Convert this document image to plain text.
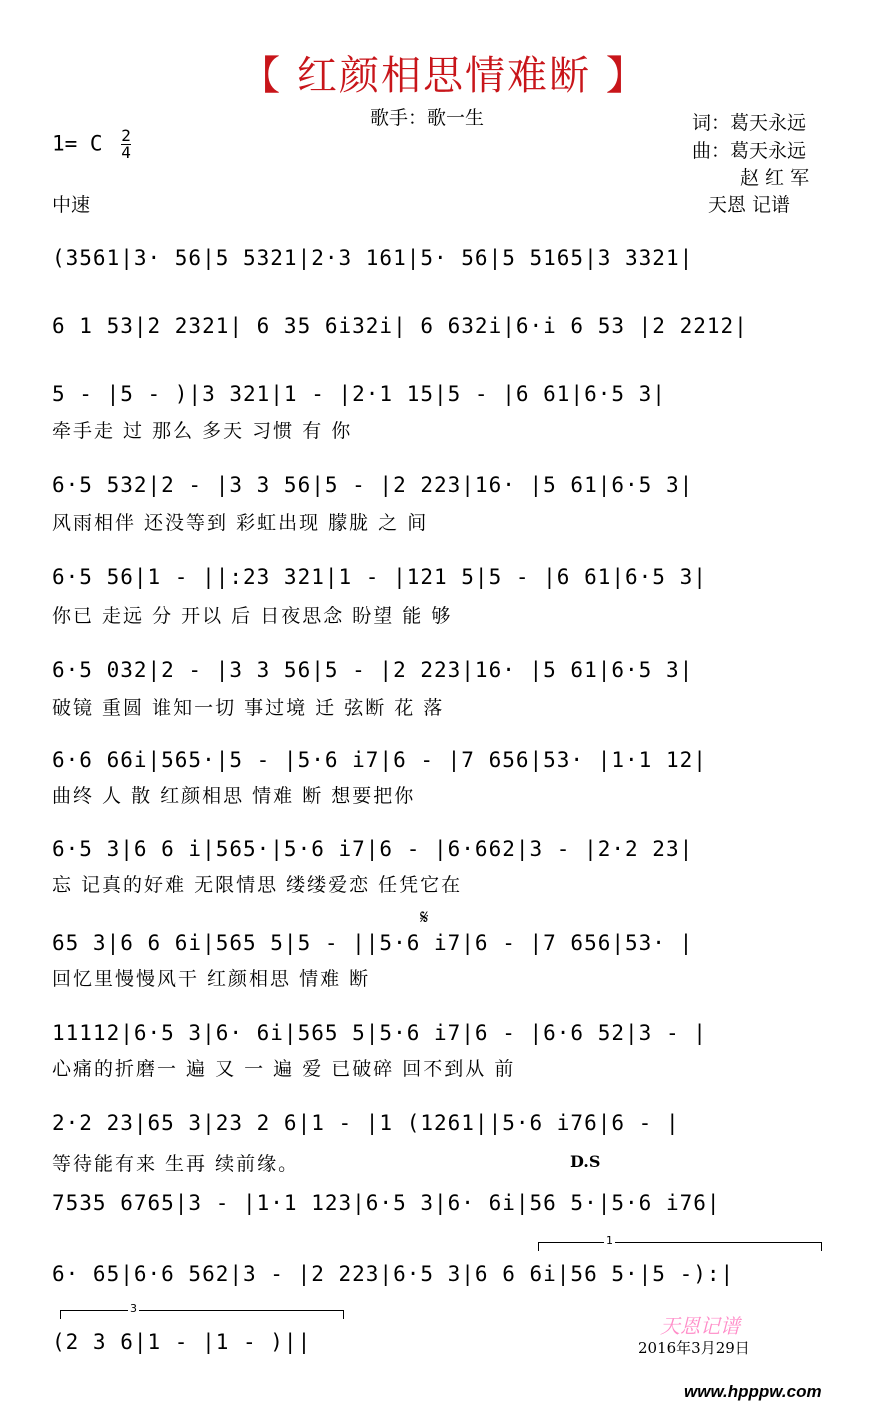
【 红颜相思情难断 】
歌手：歌一生	词：葛天永远
曲：葛天永远
赵 红 军
天恩 记谱
1= C $\frac{2}{4}$
中速
(3561|3· 56|5 5321|2·3 161|5· 56|5 5165|3 3321|
6 1 53|2 2321| 6 35 6i32i| 6 632i|6·i 6 53 |2 2212|
5 - |5 - )|3 321|1 - |2·1 15|5 - |6 61|6·5 3|
牵手走 过 那么 多天 习惯 有 你
6·5 532|2 - |3 3 56|5 - |2 223|16· |5 61|6·5 3|
风雨相伴 还没等到 彩虹出现 朦胧 之 间
6·5 56|1 - ||:23 321|1 - |121 5|5 - |6 61|6·5 3|
你已 走远 分 开以 后 日夜思念 盼望 能 够
6·5 032|2 - |3 3 56|5 - |2 223|16· |5 61|6·5 3|
破镜 重圆 谁知一切 事过境 迁 弦断 花 落
6·6 66i|565·|5 - |5·6 i7|6 - |7 656|53· |1·1 12|
曲终 人 散 红颜相思 情难 断 想要把你
6·5 3|6 6 i|565·|5·6 i7|6 - |6·662|3 - |2·2 23|
忘 记真的好难 无限情思 缕缕爱恋 任凭它在
𝄋
65 3|6 6 6i|565 5|5 - ||5·6 i7|6 - |7 656|53· |
回忆里慢慢风干 红颜相思 情难 断
11112|6·5 3|6· 6i|565 5|5·6 i7|6 - |6·6 52|3 - |
心痛的折磨一 遍 又 一 遍 爱 已破碎 回不到从 前
2·2 23|65 3|23 2 6|1 - |1 (1261||5·6 i76|6 - |
等待能有来 生再 续前缘。	D.S
7535 6765|3 - |1·1 123|6·5 3|6· 6i|56 5·|5·6 i76|
1
6· 65|6·6 562|3 - |2 223|6·5 3|6 6 6i|56 5·|5 -):|
3
(2 3 6|1 - |1 - )||
天恩记谱
2016年3月29日
www.hpppw.com
